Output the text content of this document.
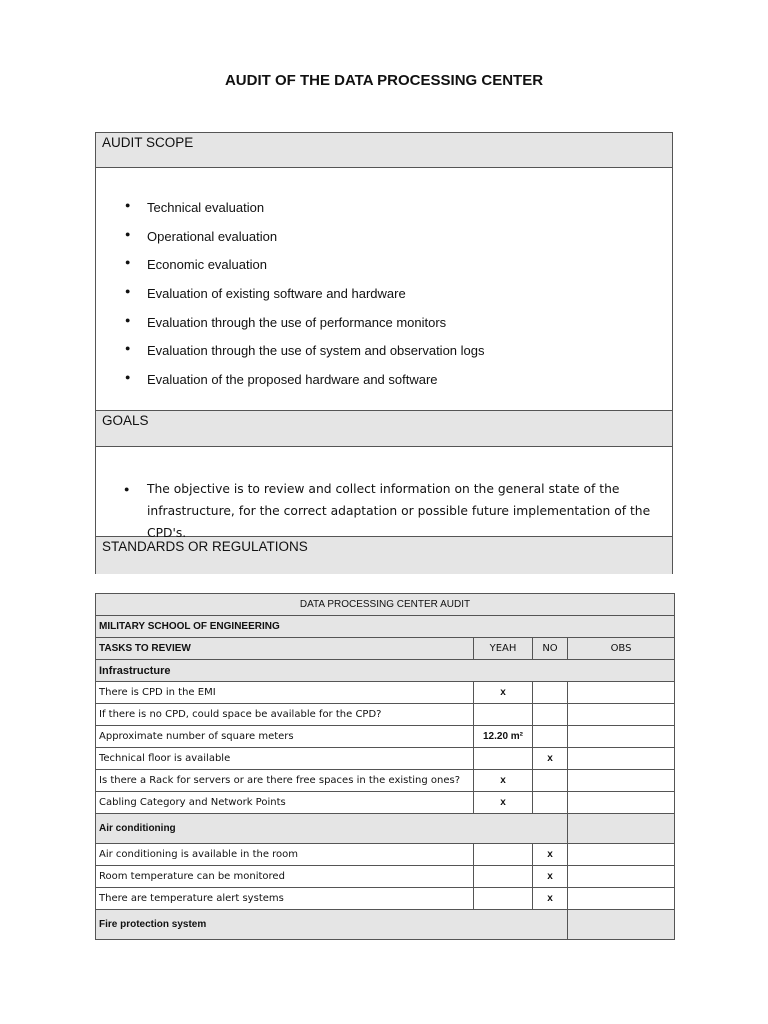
AUDIT OF THE DATA PROCESSING CENTER
AUDIT SCOPE
● Technical evaluation
● Operational evaluation
● Economic evaluation
● Evaluation of existing software and hardware
● Evaluation through the use of performance monitors
● Evaluation through the use of system and observation logs
● Evaluation of the proposed hardware and software
GOALS
STANDARDS OR REGULATIONS
● The objective is to review and collect information on the general state of the infrastructure, for the correct adaptation or possible future implementation of the CPD's.
DATA PROCESSING CENTER AUDIT			
MILITARY SCHOOL OF ENGINEERING			
TASKS TO REVIEW	YEAH	NO	OBS
Infrastructure			
There is CPD in the EMI	x		
If there is no CPD, could space be available for the CPD?			
Approximate number of square meters	12.20 m²		
Technical floor is available		x	
Is there a Rack for servers or are there free spaces in the existing ones?	x		
Cabling Category and Network Points	x		
Air conditioning			
Air conditioning is available in the room		x	
Room temperature can be monitored		x	
There are temperature alert systems		x	
Fire protection system			
